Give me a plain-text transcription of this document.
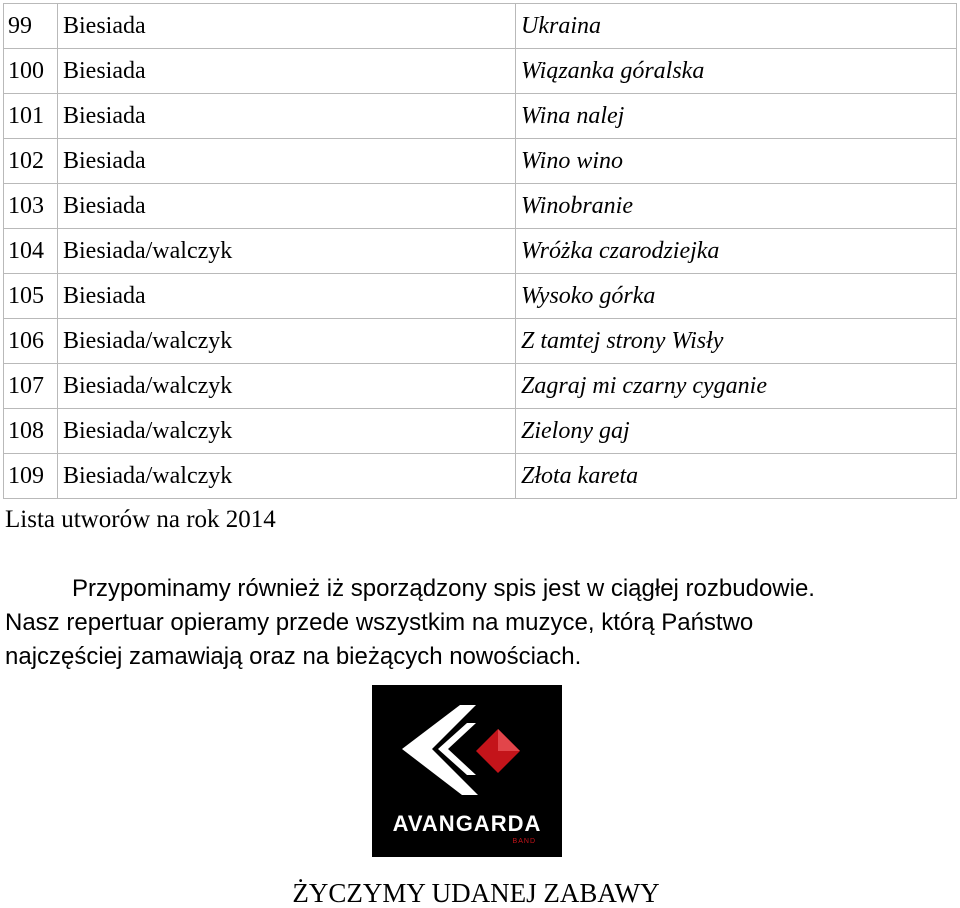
99	Biesiada	Ukraina
100	Biesiada	Wiązanka góralska
101	Biesiada	Wina nalej
102	Biesiada	Wino wino
103	Biesiada	Winobranie
104	Biesiada/walczyk	Wróżka czarodziejka
105	Biesiada	Wysoko górka
106	Biesiada/walczyk	Z tamtej strony Wisły
107	Biesiada/walczyk	Zagraj mi czarny cyganie
108	Biesiada/walczyk	Zielony gaj
109	Biesiada/walczyk	Złota kareta
Lista utworów na rok 2014
Przypominamy również iż sporządzony spis jest w ciągłej rozbudowie.
Nasz repertuar opieramy przede wszystkim na muzyce, którą Państwo
najczęściej zamawiają oraz na bieżących nowościach.
AVANGARDA
BAND
ŻYCZYMY UDANEJ ZABAWY
